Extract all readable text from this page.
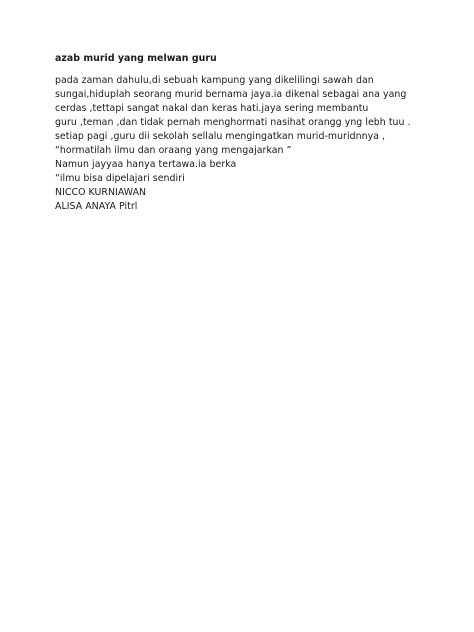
azab murid yang melwan guru

pada zaman dahulu,di sebuah kampung yang dikelilingi sawah dan
sungai,hiduplah seorang murid bernama jaya.ia dikenal sebagai ana yang
cerdas ,tettapi sangat nakal dan keras hati.jaya sering membantu
guru ,teman ,dan tidak pernah menghormati nasihat orangg yng lebh tuu .

setiap pagi ,guru dii sekolah sellalu mengingatkan murid-muridnnya ,

“hormatilah ilmu dan oraang yang mengajarkan ”

Namun jayyaa hanya tertawa.ia berka

“ilmu bisa dipelajari sendiri

NICCO KURNIAWAN

ALISA ANAYA Pitrl
